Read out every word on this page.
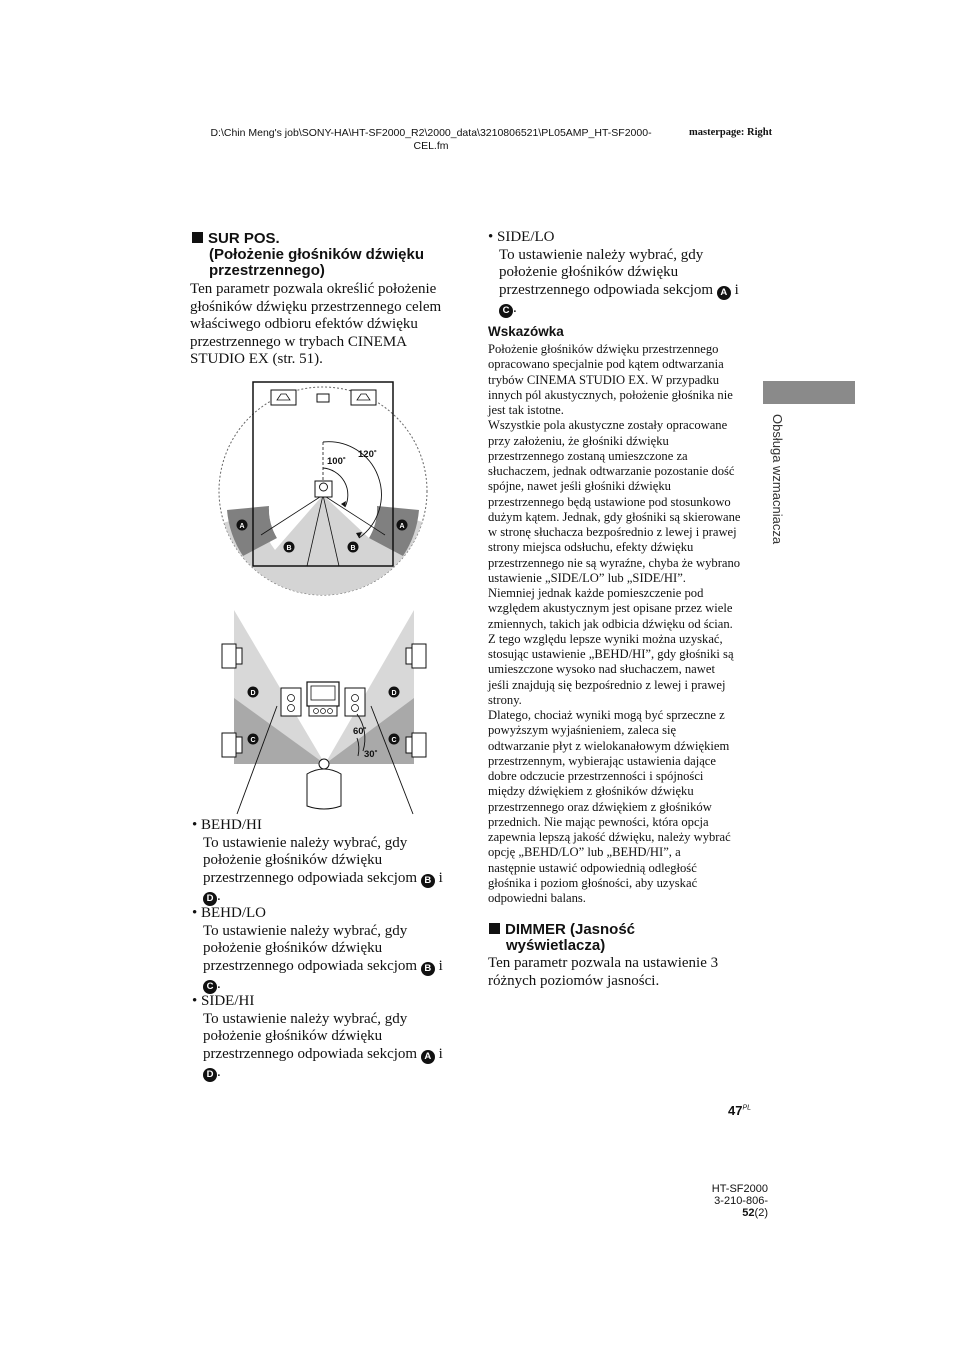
D:\Chin Meng's job\SONY-HA\HT-SF2000_R2\2000_data\3210806521\PL05AMP_HT-SF2000-
CEL.fm
masterpage: Right
SUR POS.
(Położenie głośników dźwięku
przestrzennego)
Ten parametr pozwala określić położenie
głośników dźwięku przestrzennego celem
właściwego odbioru efektów dźwięku
przestrzennego w trybach CINEMA
STUDIO EX (str. 51).
100˚
120˚
A	A
B	B
60˚
30˚
D	D
C	C
• BEHD/HI
To ustawienie należy wybrać, gdy
położenie głośników dźwięku
przestrzennego odpowiada sekcjom B i
D .
• BEHD/LO
To ustawienie należy wybrać, gdy
położenie głośników dźwięku
przestrzennego odpowiada sekcjom B i
C .
• SIDE/HI
To ustawienie należy wybrać, gdy
położenie głośników dźwięku
przestrzennego odpowiada sekcjom A i
D .
• SIDE/LO
To ustawienie należy wybrać, gdy
położenie głośników dźwięku
przestrzennego odpowiada sekcjom A i
C .
Wskazówka
Położenie głośników dźwięku przestrzennego
opracowano specjalnie pod kątem odtwarzania
trybów CINEMA STUDIO EX. W przypadku
innych pól akustycznych, położenie głośnika nie
jest tak istotne.
Wszystkie pola akustyczne zostały opracowane
przy założeniu, że głośniki dźwięku
przestrzennego zostaną umieszczone za
słuchaczem, jednak odtwarzanie pozostanie dość
spójne, nawet jeśli głośniki dźwięku
przestrzennego będą ustawione pod stosunkowo
dużym kątem. Jednak, gdy głośniki są skierowane
w stronę słuchacza bezpośrednio z lewej i prawej
strony miejsca odsłuchu, efekty dźwięku
przestrzennego nie są wyraźne, chyba że wybrano
ustawienie „SIDE/LO” lub „SIDE/HI”.
Niemniej jednak każde pomieszczenie pod
względem akustycznym jest opisane przez wiele
zmiennych, takich jak odbicia dźwięku od ścian.
Z tego względu lepsze wyniki można uzyskać,
stosując ustawienie „BEHD/HI”, gdy głośniki są
umieszczone wysoko nad słuchaczem, nawet
jeśli znajdują się bezpośrednio z lewej i prawej
strony.
Dlatego, chociaż wyniki mogą być sprzeczne z
powyższym wyjaśnieniem, zaleca się
odtwarzanie płyt z wielokanałowym dźwiękiem
przestrzennym, wybierając ustawienia dające
dobre odczucie przestrzenności i spójności
między dźwiękiem z głośników dźwięku
przestrzennego oraz dźwiękiem z głośników
przednich. Nie mając pewności, która opcja
zapewnia lepszą jakość dźwięku, należy wybrać
opcję „BEHD/LO” lub „BEHD/HI”, a
następnie ustawić odpowiednią odległość
głośnika i poziom głośności, aby uzyskać
odpowiedni balans.
DIMMER (Jasność
wyświetlacza)
Ten parametr pozwala na ustawienie 3
różnych poziomów jasności.
Obsługa wzmacniacza
$47^{PL}$
HT-SF2000
3-210-806-52(2)
